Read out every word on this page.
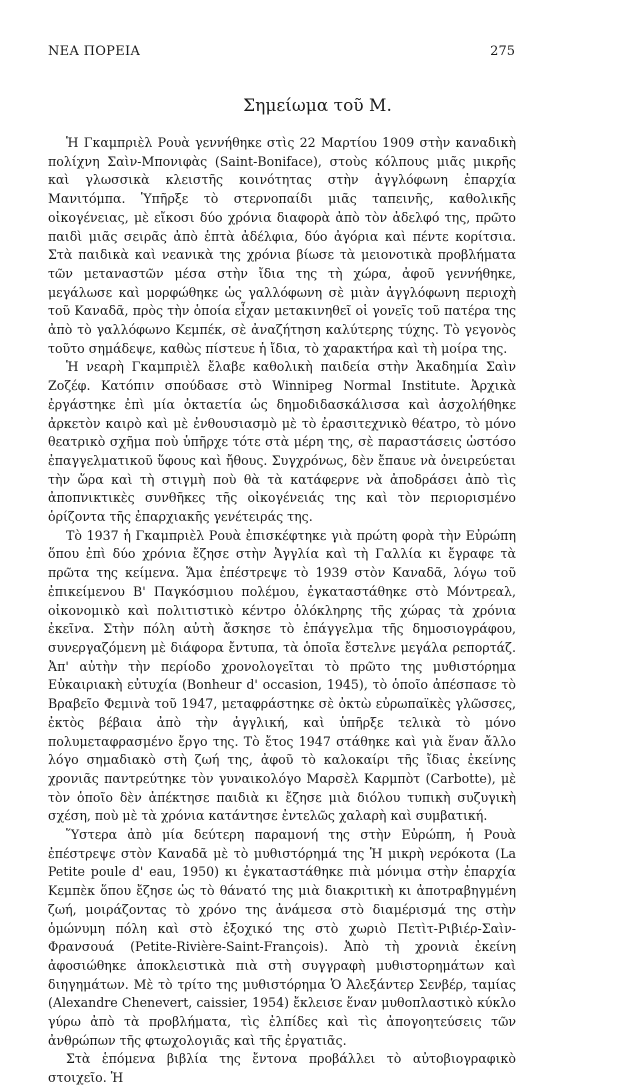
ΝΕΑ ΠΟΡΕΙΑ	275
Σημείωμα τοῦ Μ.

Ἡ Γκαμπριὲλ Ρουὰ γεννήθηκε στὶς 22 Μαρτίου 1909 στὴν καναδικὴ πολίχνη Σαὶν-Μπονιφὰς (Saint-Boniface), στοὺς κόλπους μιᾶς μικρῆς καὶ γλωσσικὰ κλειστῆς κοινότητας στὴν ἀγγλόφωνη ἐπαρχία Μανιτόμπα. Ὑπῆρξε τὸ στερνοπαίδι μιᾶς ταπεινῆς, καθολικῆς οἰκογένειας, μὲ εἴκοσι δύο χρόνια διαφορὰ ἀπὸ τὸν ἀδελφό της, πρῶτο παιδὶ μιᾶς σειρᾶς ἀπὸ ἑπτὰ ἀδέλφια, δύο ἀγόρια καὶ πέντε κορίτσια. Στὰ παιδικὰ καὶ νεανικὰ της χρόνια βίωσε τὰ μειονοτικὰ προβλήματα τῶν μεταναστῶν μέσα στὴν ἴδια της τὴ χώρα, ἀφοῦ γεννήθηκε, μεγάλωσε καὶ μορφώθηκε ὡς γαλλόφωνη σὲ μιὰν ἀγγλόφωνη περιοχὴ τοῦ Καναδᾶ, πρὸς τὴν ὁποία εἶχαν μετακινηθεῖ οἱ γονεῖς τοῦ πατέρα της ἀπὸ τὸ γαλλόφωνο Κεμπέκ, σὲ ἀναζήτηση καλύτερης τύχης. Τὸ γεγονὸς τοῦτο σημάδεψε, καθὼς πίστευε ἡ ἴδια, τὸ χαρακτήρα καὶ τὴ μοίρα της.

Ἡ νεαρὴ Γκαμπριὲλ ἔλαβε καθολικὴ παιδεία στὴν Ἀκαδημία Σαὶν Ζοζέφ. Κατόπιν σπούδασε στὸ Winnipeg Normal Institute. Ἀρχικὰ ἐργάστηκε ἐπὶ μία ὀκταετία ὡς δημοδιδασκάλισσα καὶ ἀσχολήθηκε ἀρκετὸν καιρὸ καὶ μὲ ἐνθουσιασμὸ μὲ τὸ ἐρασιτεχνικὸ θέατρο, τὸ μόνο θεατρικὸ σχῆμα ποὺ ὑπῆρχε τότε στὰ μέρη της, σὲ παραστάσεις ὡστόσο ἐπαγγελματικοῦ ὕφους καὶ ἤθους. Συγχρόνως, δὲν ἔπαυε νὰ ὀνειρεύεται τὴν ὥρα καὶ τὴ στιγμὴ ποὺ θὰ τὰ κατάφερνε νὰ ἀποδράσει ἀπὸ τὶς ἀποπνικτικὲς συνθῆκες τῆς οἰκογένειάς της καὶ τὸν περιορισμένο ὁρίζοντα τῆς ἐπαρχιακῆς γενέτειράς της.

Τὸ 1937 ἡ Γκαμπριὲλ Ρουὰ ἐπισκέφτηκε γιὰ πρώτη φορὰ τὴν Εὐρώπη ὅπου ἐπὶ δύο χρόνια ἔζησε στὴν Ἀγγλία καὶ τὴ Γαλλία κι ἔγραφε τὰ πρῶτα της κείμενα. Ἅμα ἐπέστρεψε τὸ 1939 στὸν Καναδᾶ, λόγω τοῦ ἐπικείμενου Β' Παγκόσμιου πολέμου, ἐγκαταστάθηκε στὸ Μόντρεαλ, οἰκονομικὸ καὶ πολιτιστικὸ κέντρο ὁλόκληρης τῆς χώρας τὰ χρόνια ἐκεῖνα. Στὴν πόλη αὐτὴ ἄσκησε τὸ ἐπάγγελμα τῆς δημοσιογράφου, συνεργαζόμενη μὲ διάφορα ἔντυπα, τὰ ὁποῖα ἔστελνε μεγάλα ρεπορτάζ. Ἀπ' αὐτὴν τὴν περίοδο χρονολογεῖται τὸ πρῶτο της μυθιστόρημα Εὐκαιριακὴ εὐτυχία (Bonheur d' occasion, 1945), τὸ ὁποῖο ἀπέσπασε τὸ Βραβεῖο Φεμινὰ τοῦ 1947, μεταφράστηκε σὲ ὀκτὼ εὐρωπαϊκὲς γλῶσσες, ἐκτὸς βέβαια ἀπὸ τὴν ἀγγλική, καὶ ὑπῆρξε τελικὰ τὸ μόνο πολυμεταφρασμένο ἔργο της. Τὸ ἔτος 1947 στάθηκε καὶ γιὰ ἕναν ἄλλο λόγο σημαδιακὸ στὴ ζωή της, ἀφοῦ τὸ καλοκαίρι τῆς ἴδιας ἐκείνης χρονιᾶς παντρεύτηκε τὸν γυναικολόγο Μαρσὲλ Καρμπὸτ (Carbotte), μὲ τὸν ὁποῖο δὲν ἀπέκτησε παιδιὰ κι ἔζησε μιὰ διόλου τυπικὴ συζυγικὴ σχέση, ποὺ μὲ τὰ χρόνια κατάντησε ἐντελῶς χαλαρὴ καὶ συμβατική.

Ὕστερα ἀπὸ μία δεύτερη παραμονή της στὴν Εὐρώπη, ἡ Ρουὰ ἐπέστρεψε στὸν Καναδᾶ μὲ τὸ μυθιστόρημά της Ἡ μικρὴ νερόκοτα (La Petite poule d' eau, 1950) κι ἐγκαταστάθηκε πιὰ μόνιμα στὴν ἐπαρχία Κεμπὲκ ὅπου ἔζησε ὡς τὸ θάνατό της μιὰ διακριτικὴ κι ἀποτραβηγμένη ζωή, μοιράζοντας τὸ χρόνο της ἀνάμεσα στὸ διαμέρισμά της στὴν ὁμώνυμη πόλη καὶ στὸ ἐξοχικό της στὸ χωριὸ Πετὶτ-Ριβιέρ-Σαὶν-Φρανσουά (Petite-Rivière-Saint-François). Ἀπὸ τὴ χρονιὰ ἐκείνη ἀφοσιώθηκε ἀποκλειστικὰ πιὰ στὴ συγγραφὴ μυθιστορημάτων καὶ διηγημάτων. Μὲ τὸ τρίτο της μυθιστόρημα Ὁ Ἀλεξάντερ Σενβέρ, ταμίας (Alexandre Chenevert, caissier, 1954) ἔκλεισε ἕναν μυθοπλαστικὸ κύκλο γύρω ἀπὸ τὰ προβλήματα, τὶς ἐλπίδες καὶ τὶς ἀπογοητεύσεις τῶν ἀνθρώπων τῆς φτωχολογιᾶς καὶ τῆς ἐργατιᾶς.

Στὰ ἑπόμενα βιβλία της ἔντονα προβάλλει τὸ αὐτοβιογραφικὸ στοιχεῖο. Ἡ
